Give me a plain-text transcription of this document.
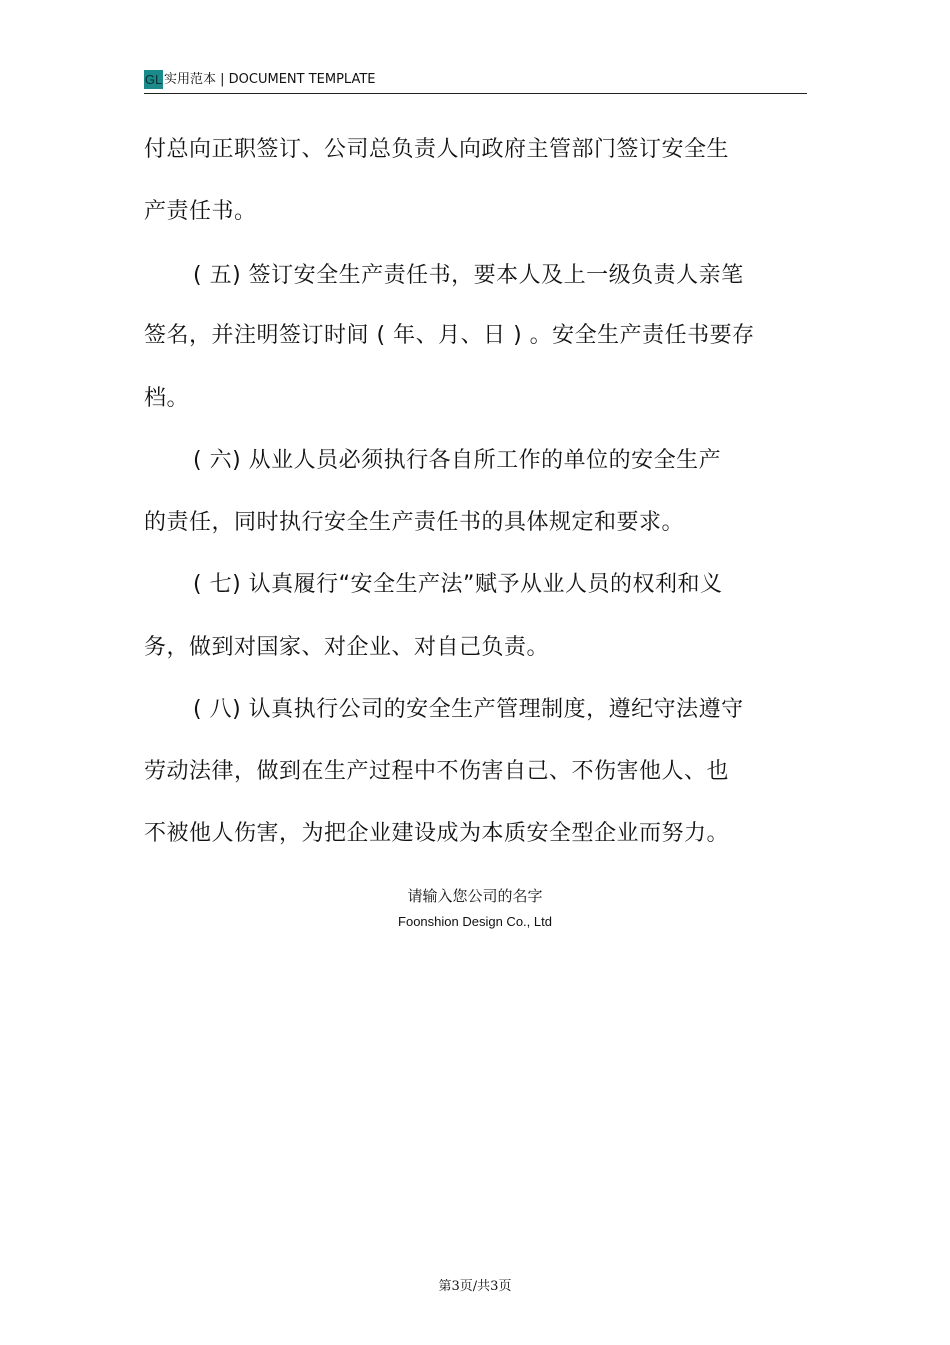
GL 实用范本 | DOCUMENT TEMPLATE
付总向正职签订、公司总负责人向政府主管部门签订安全生
产责任书。
( 五) 签订安全生产责任书，要本人及上一级负责人亲笔
签名，并注明签订时间 ( 年、月、日 ) 。安全生产责任书要存
档。
( 六) 从业人员必须执行各自所工作的单位的安全生产
的责任，同时执行安全生产责任书的具体规定和要求。
( 七) 认真履行“安全生产法”赋予从业人员的权利和义
务，做到对国家、对企业、对自己负责。
( 八) 认真执行公司的安全生产管理制度，遵纪守法遵守
劳动法律，做到在生产过程中不伤害自己、不伤害他人、也
不被他人伤害，为把企业建设成为本质安全型企业而努力。
请输入您公司的名字
Foonshion Design Co., Ltd
第3页/共3页
